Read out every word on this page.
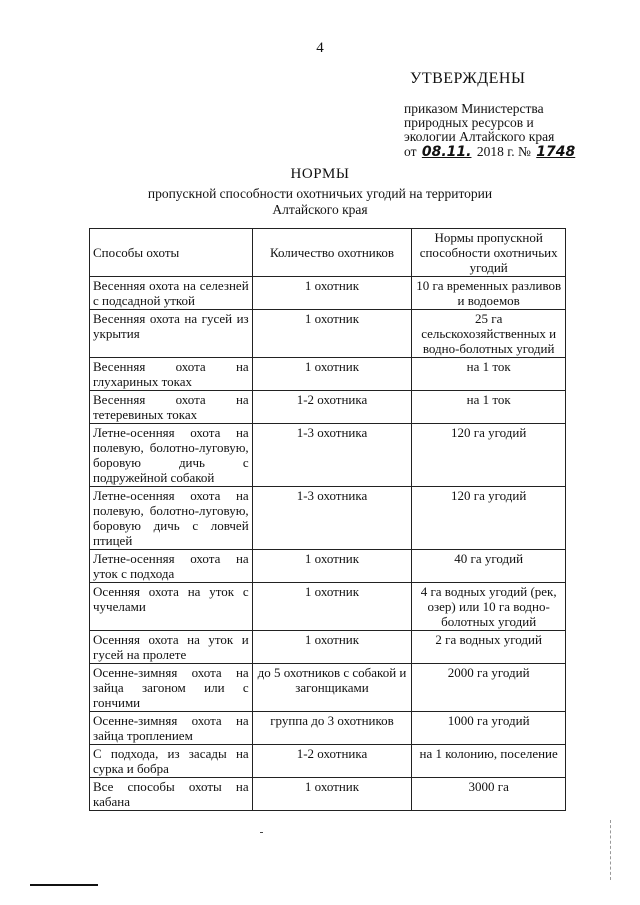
4
УТВЕРЖДЕНЫ
приказом Министерства
природных ресурсов и
экологии Алтайского края
от 08.11. 2018 г. № 1748
НОРМЫ
пропускной способности охотничьих угодий на территории Алтайского края
Способы охоты	Количество охотников	Нормы пропускной способности охотничьих угодий
Весенняя охота на селезней с подсадной уткой	1 охотник	10 га временных разливов и водоемов
Весенняя охота на гусей из укрытия	1 охотник	25 га сельскохозяйственных и водно-болотных угодий
Весенняя охота на глухариных токах	1 охотник	на 1 ток
Весенняя охота на тетеревиных токах	1-2 охотника	на 1 ток
Летне-осенняя охота на полевую, болотно-луговую, боровую дичь с подружейной собакой	1-3 охотника	120 га угодий
Летне-осенняя охота на полевую, болотно-луговую, боровую дичь с ловчей птицей	1-3 охотника	120 га угодий
Летне-осенняя охота на уток с подхода	1 охотник	40 га угодий
Осенняя охота на уток с чучелами	1 охотник	4 га водных угодий (рек, озер) или 10 га водно-болотных угодий
Осенняя охота на уток и гусей на пролете	1 охотник	2 га водных угодий
Осенне-зимняя охота на зайца загоном или с гончими	до 5 охотников с собакой и загонщиками	2000 га угодий
Осенне-зимняя охота на зайца троплением	группа до 3 охотников	1000 га угодий
С подхода, из засады на сурка и бобра	1-2 охотника	на 1 колонию, поселение
Все способы охоты на кабана	1 охотник	3000 га
